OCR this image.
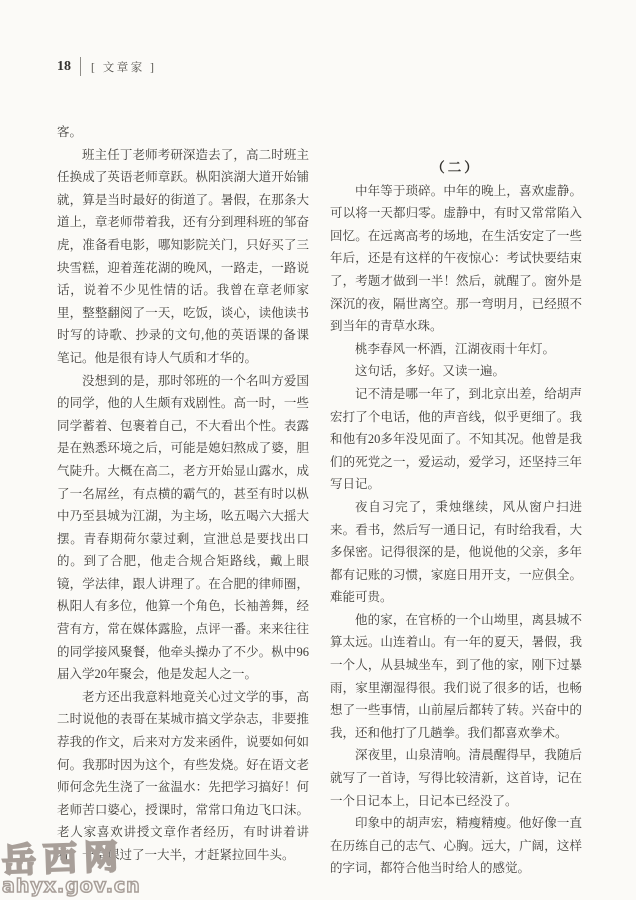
18 [ 文章家 ]

客。

班主任丁老师考研深造去了，高二时班主任换成了英语老师章跃。枞阳滨湖大道开始铺就，算是当时最好的街道了。暑假，在那条大道上，章老师带着我，还有分到理科班的邹奋虎，准备看电影，哪知影院关门，只好买了三块雪糕，迎着莲花湖的晚风，一路走，一路说话，说着不少见性情的话。我曾在章老师家里，整整翻阅了一天，吃饭，谈心，读他读书时写的诗歌、抄录的文句,他的英语课的备课笔记。他是很有诗人气质和才华的。

没想到的是，那时邻班的一个名叫方爱国的同学，他的人生颇有戏剧性。高一时，一些同学蓄着、包裹着自己，不大看出个性。表露是在熟悉环境之后，可能是媳妇熬成了婆，胆气陡升。大概在高二，老方开始显山露水，成了一名屌丝，有点横的霸气的，甚至有时以枞中乃至县城为江湖，为主场，吆五喝六大摇大摆。青春期荷尔蒙过剩，宣泄总是要找出口的。到了合肥，他走合规合矩路线，戴上眼镜，学法律，跟人讲理了。在合肥的律师圈，枞阳人有多位，他算一个角色，长袖善舞，经营有方，常在媒体露脸，点评一番。来来往往的同学接风聚餐，他牵头操办了不少。枞中96届入学20年聚会，他是发起人之一。

老方还出我意料地竟关心过文学的事，高二时说他的表哥在某城市搞文学杂志，非要推荐我的作文，后来对方发来函件，说要如何如何。我那时因为这个，有些发烧。好在语文老师何念先生浇了一盆温水：先把学习搞好！何老师苦口婆心，授课时，常常口角边飞口沫。老人家喜欢讲授文章作者经历，有时讲着讲着，一堂课过了一大半，才赶紧拉回牛头。

（二）

中年等于琐碎。中年的晚上，喜欢虚静。可以将一天都归零。虚静中，有时又常常陷入回忆。在远离高考的场地，在生活安定了一些年后，还是有这样的午夜惊心：考试快要结束了，考题才做到一半！然后，就醒了。窗外是深沉的夜，隔世离空。那一弯明月，已经照不到当年的青草水珠。

桃李春风一杯酒，江湖夜雨十年灯。

这句话，多好。又读一遍。

记不清是哪一年了，到北京出差，给胡声宏打了个电话，他的声音线，似乎更细了。我和他有20多年没见面了。不知其况。他曾是我们的死党之一，爱运动，爱学习，还坚持三年写日记。

夜自习完了，秉烛继续，风从窗户扫进来。看书，然后写一通日记，有时给我看，大多保密。记得很深的是，他说他的父亲，多年都有记账的习惯，家庭日用开支，一应俱全。难能可贵。

他的家，在官桥的一个山坳里，离县城不算太远。山连着山。有一年的夏天，暑假，我一个人，从县城坐车，到了他的家，刚下过暴雨，家里潮湿得很。我们说了很多的话，也畅想了一些事情，山前屋后都转了转。兴奋中的我，还和他打了几趟拳。我们都喜欢拳术。

深夜里，山泉清响。清晨醒得早，我随后就写了一首诗，写得比较清新，这首诗，记在一个日记本上，日记本已经没了。

印象中的胡声宏，精瘦精瘦。他好像一直在历练自己的志气、心胸。远大，广阔，这样的字词，都符合他当时给人的感觉。

岳西网
ahyx.gov.cn
